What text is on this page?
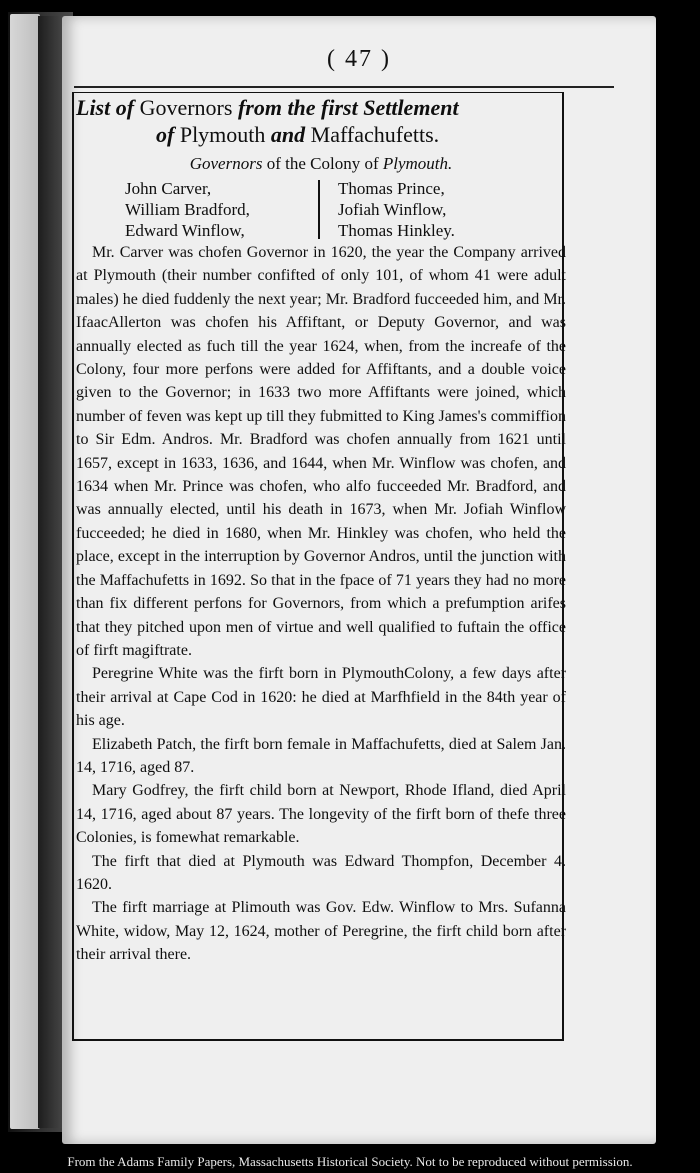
( 47 )

List of Governors from the first Settlement

of Plymouth and Maffachufetts.

Governors of the Colony of Plymouth.
John Carver,
William Bradford,
Edward Winflow,
Thomas Prince,
Jofiah Winflow,
Thomas Hinkley.

Mr. Carver was chofen Governor in 1620, the year the Company arrived at Plymouth (their number confifted of only 101, of whom 41 were adult males) he died fuddenly the next year; Mr. Bradford fucceeded him, and Mr. IfaacAllerton was chofen his Affiftant, or Deputy Governor, and was annually elected as fuch till the year 1624, when, from the increafe of the Colony, four more perfons were added for Affiftants, and a double voice given to the Governor; in 1633 two more Affiftants were joined, which number of feven was kept up till they fubmitted to King James's commiffion to Sir Edm. Andros. Mr. Bradford was chofen annually from 1621 until 1657, except in 1633, 1636, and 1644, when Mr. Winflow was chofen, and 1634 when Mr. Prince was chofen, who alfo fucceeded Mr. Bradford, and was annually elected, until his death in 1673, when Mr. Jofiah Winflow fucceeded; he died in 1680, when Mr. Hinkley was chofen, who held the place, except in the interruption by Governor Andros, until the junction with the Maffachufetts in 1692. So that in the fpace of 71 years they had no more than fix different perfons for Governors, from which a prefumption arifes that they pitched upon men of virtue and well qualified to fuftain the office of firft magiftrate.

Peregrine White was the firft born in PlymouthColony, a few days after their arrival at Cape Cod in 1620: he died at Marfhfield in the 84th year of his age.

Elizabeth Patch, the firft born female in Maffachufetts, died at Salem Jan. 14, 1716, aged 87.

Mary Godfrey, the firft child born at Newport, Rhode Ifland, died April 14, 1716, aged about 87 years. The longevity of the firft born of thefe three Colonies, is fomewhat remarkable.

The firft that died at Plymouth was Edward Thompfon, December 4. 1620.

The firft marriage at Plimouth was Gov. Edw. Winflow to Mrs. Sufanna White, widow, May 12, 1624, mother of Peregrine, the firft child born after their arrival there.

From the Adams Family Papers, Massachusetts Historical Society. Not to be reproduced without permission.
